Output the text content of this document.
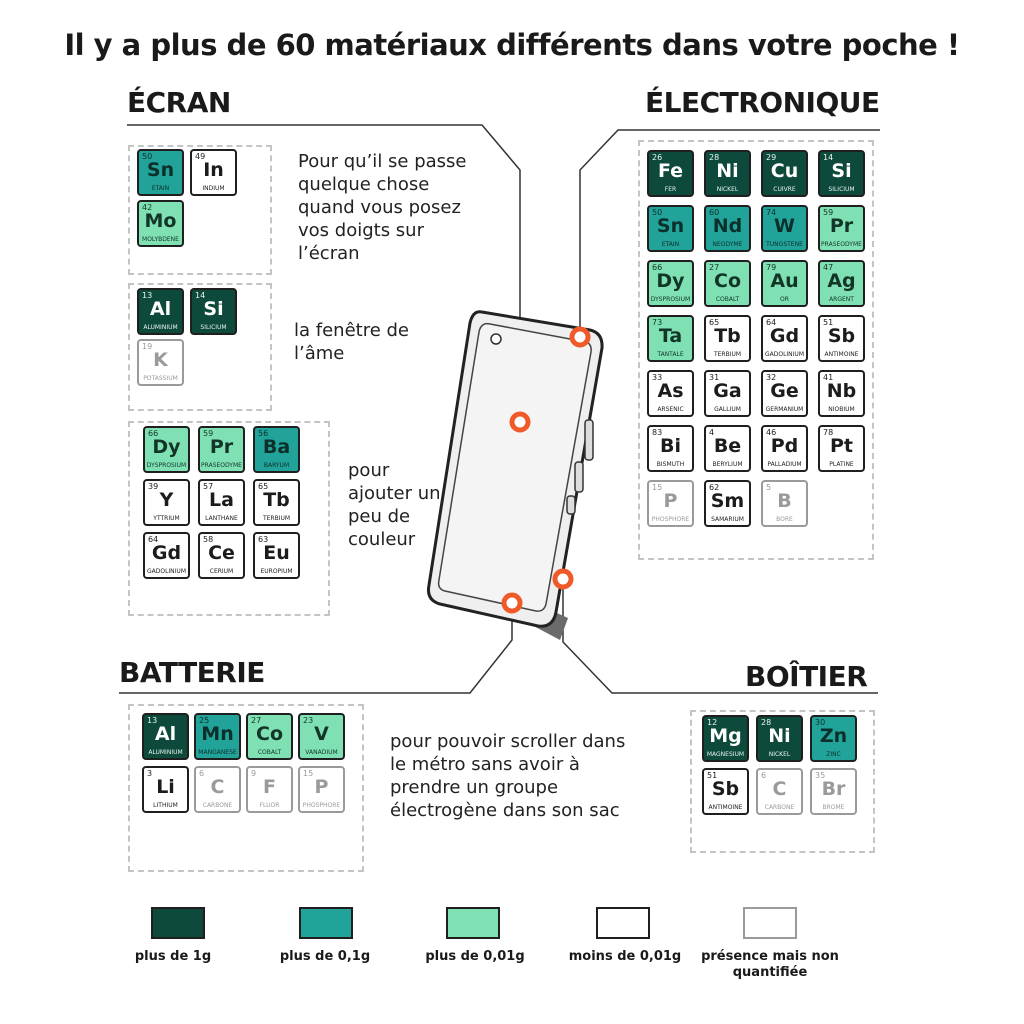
Il y a plus de 60 matériaux différents dans votre poche !
ÉCRAN	ÉLECTRONIQUE
BATTERIE	BOÎTIER
50
Sn
ÉTAIN
49
In
INDIUM
42
Mo
MOLYBDÈNE
Pour qu’il se passe quelque chose quand vous posez vos doigts sur l’écran
13
Al
ALUMINIUM
14
Si
SILICIUM
19
K
POTASSIUM
la fenêtre de l’âme
66
Dy
DYSPROSIUM
59
Pr
PRASÉODYME
56
Ba
BARYUM
39
Y
YTTRIUM
57
La
LANTHANE
65
Tb
TERBIUM
64
Gd
GADOLINIUM
58
Ce
CÉRIUM
63
Eu
EUROPIUM
pour ajouter un peu de couleur
26
Fe
FER
28
Ni
NICKEL
29
Cu
CUIVRE
14
Si
SILICIUM
50
Sn
ÉTAIN
60
Nd
NÉODYME
74
W
TUNGSTÈNE
59
Pr
PRASÉODYME
66
Dy
DYSPROSIUM
27
Co
COBALT
79
Au
OR
47
Ag
ARGENT
73
Ta
TANTALE
65
Tb
TERBIUM
64
Gd
GADOLINIUM
51
Sb
ANTIMOINE
33
As
ARSENIC
31
Ga
GALLIUM
32
Ge
GERMANIUM
41
Nb
NIOBIUM
83
Bi
BISMUTH
4
Be
BERYLIUM
46
Pd
PALLADIUM
78
Pt
PLATINE
15
P
PHOSPHORE
62
Sm
SAMARIUM
5
B
BORE
13
Al
ALUMINIUM
25
Mn
MANGANÈSE
27
Co
COBALT
23
V
VANADIUM
3
Li
LITHIUM
6
C
CARBONE
9
F
FLUOR
15
P
PHOSPHORE
pour pouvoir scroller dans le métro sans avoir à prendre un groupe électrogène dans son sac
12
Mg
MAGNÉSIUM
28
Ni
NICKEL
30
Zn
ZINC
51
Sb
ANTIMOINE
6
C
CARBONE
35
Br
BROME
plus de 1g	plus de 0,1g	plus de 0,01g	moins de 0,01g	présence mais non quantifiée
